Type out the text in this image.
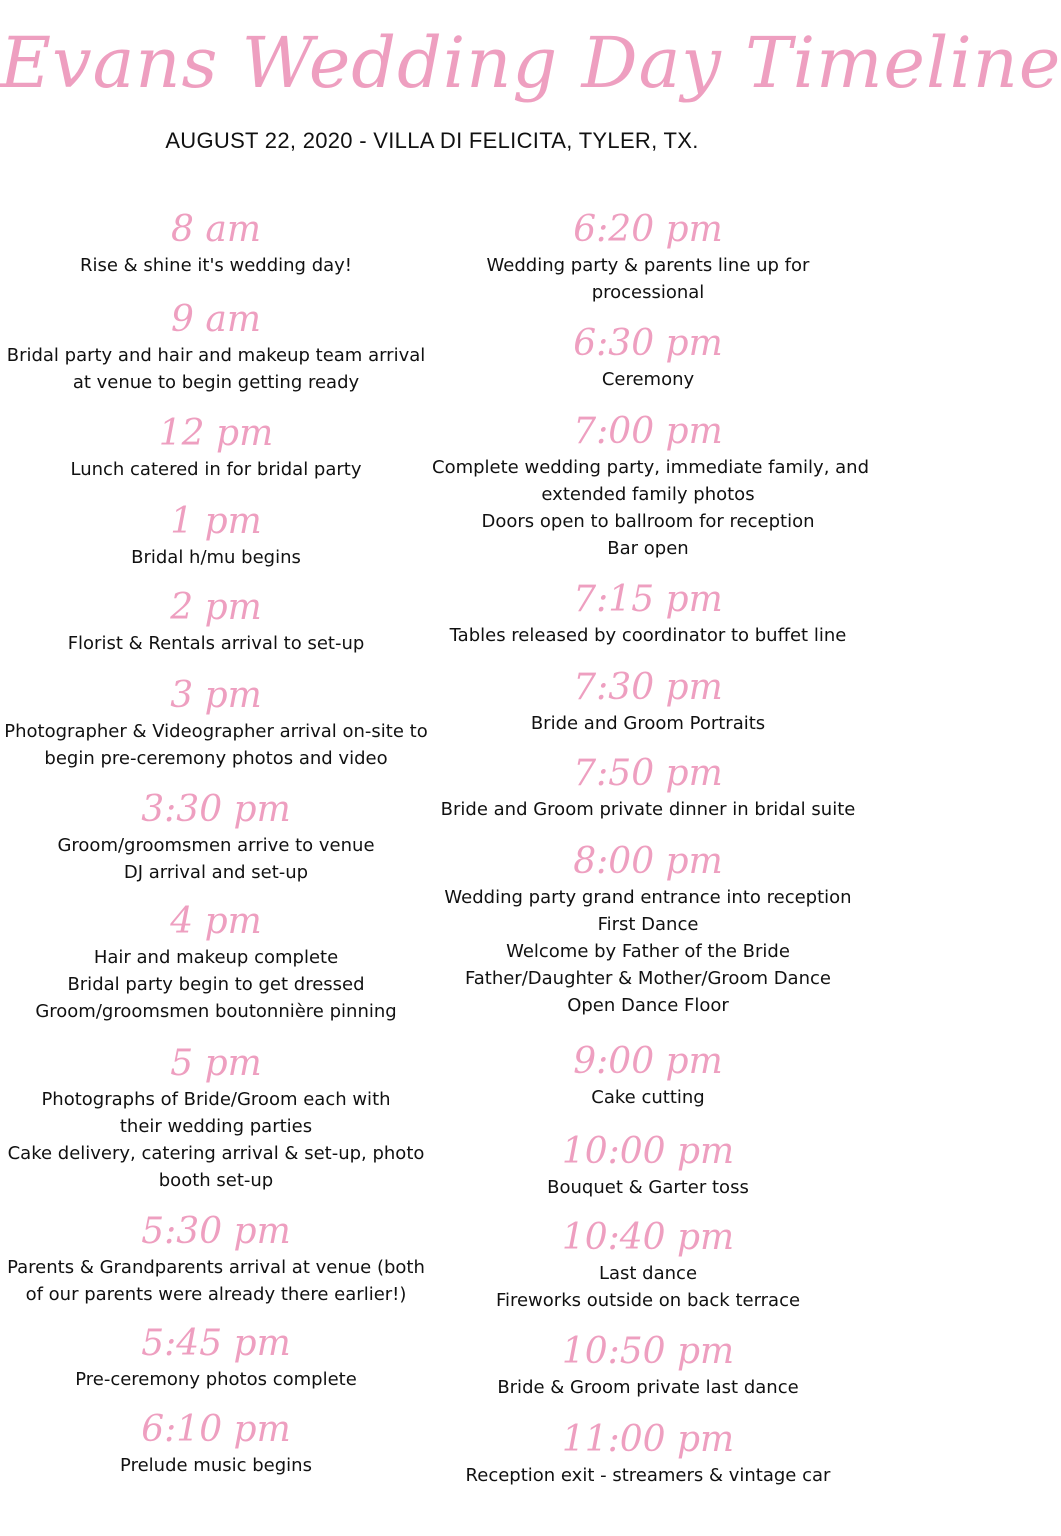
Evans Wedding Day Timeline
AUGUST 22, 2020 - VILLA DI FELICITA, TYLER, TX.
8 am
Rise & shine it's wedding day!
9 am
Bridal party and hair and makeup team arrival
at venue to begin getting ready
12 pm
Lunch catered in for bridal party
1 pm
Bridal h/mu begins
2 pm
Florist & Rentals arrival to set-up
3 pm
Photographer & Videographer arrival on-site to
begin pre-ceremony photos and video
3:30 pm
Groom/groomsmen arrive to venue
DJ arrival and set-up
4 pm
Hair and makeup complete
Bridal party begin to get dressed
Groom/groomsmen boutonnière pinning
5 pm
Photographs of Bride/Groom each with
their wedding parties
Cake delivery, catering arrival & set-up, photo
booth set-up
5:30 pm
Parents & Grandparents arrival at venue (both
of our parents were already there earlier!)
5:45 pm
Pre-ceremony photos complete
6:10 pm
Prelude music begins
6:20 pm
Wedding party & parents line up for
processional
6:30 pm
Ceremony
7:00 pm
Complete wedding party, immediate family, and
extended family photos
Doors open to ballroom for reception
Bar open
7:15 pm
Tables released by coordinator to buffet line
7:30 pm
Bride and Groom Portraits
7:50 pm
Bride and Groom private dinner in bridal suite
8:00 pm
Wedding party grand entrance into reception
First Dance
Welcome by Father of the Bride
Father/Daughter & Mother/Groom Dance
Open Dance Floor
9:00 pm
Cake cutting
10:00 pm
Bouquet & Garter toss
10:40 pm
Last dance
Fireworks outside on back terrace
10:50 pm
Bride & Groom private last dance
11:00 pm
Reception exit - streamers & vintage car
